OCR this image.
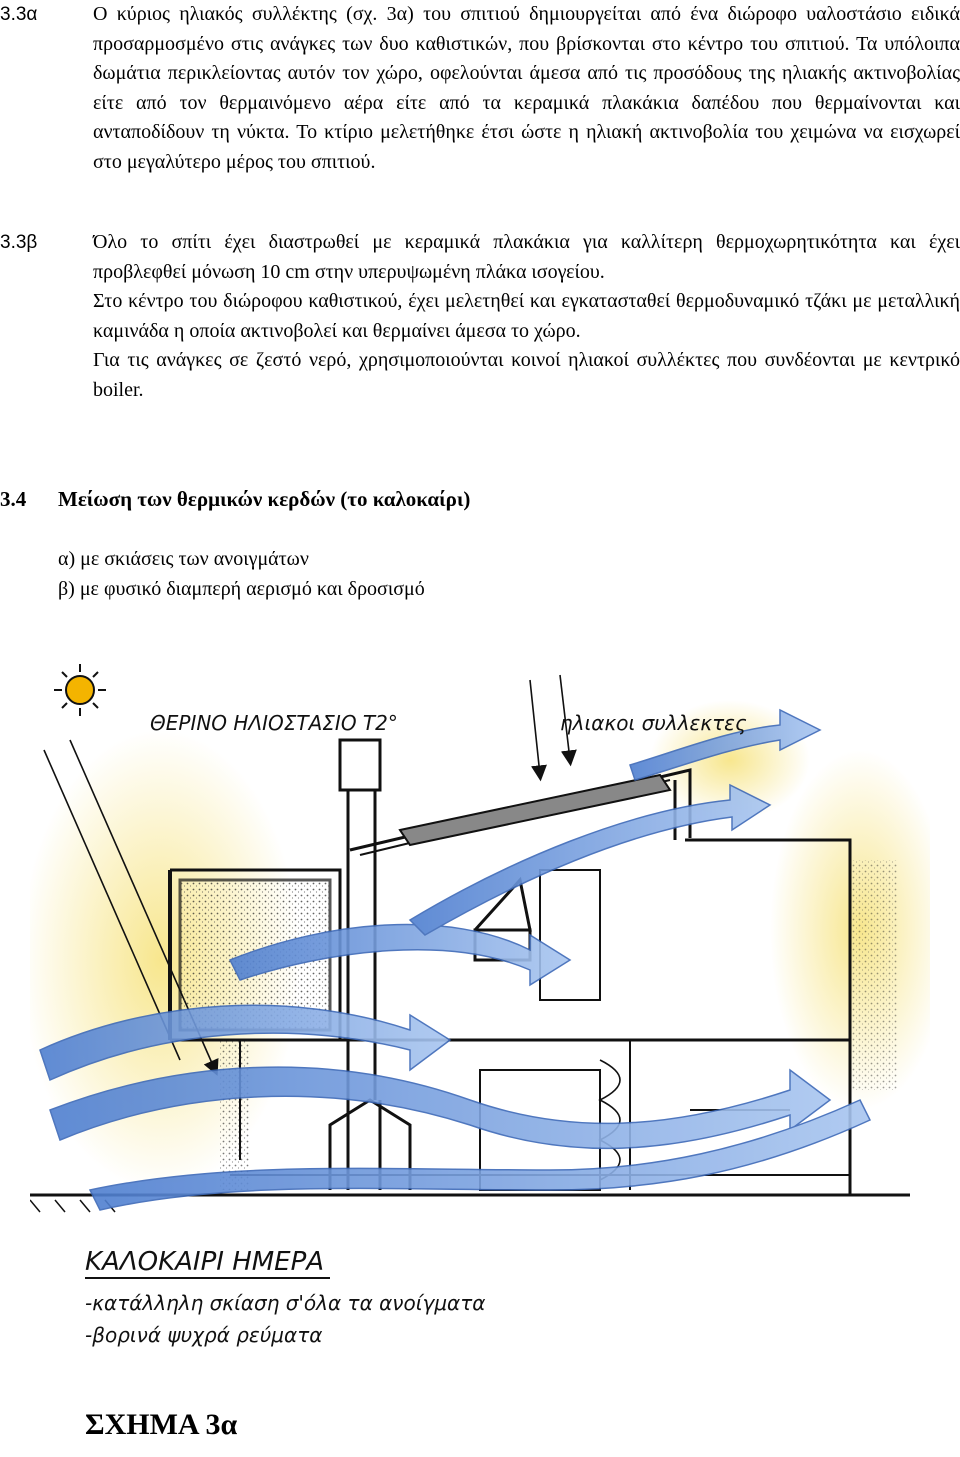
3.3α	Ο κύριος ηλιακός συλλέκτης (σχ. 3α) του σπιτιού δημιουργείται από ένα διώροφο υαλοστάσιο ειδικά προσαρμοσμένο στις ανάγκες των δυο καθιστικών, που βρίσκονται στο κέντρο του σπιτιού. Τα υπόλοιπα δωμάτια περικλείοντας αυτόν τον χώρο, οφελούνται άμεσα από τις προσόδους της ηλιακής ακτινοβολίας είτε από τον θερμαινόμενο αέρα είτε από τα κεραμικά πλακάκια δαπέδου που θερμαίνονται και ανταποδίδουν τη νύκτα. Το κτίριο μελετήθηκε έτσι ώστε η ηλιακή ακτινοβολία του χειμώνα να εισχωρεί στο μεγαλύτερο μέρος του σπιτιού.

3.3β	Όλο το σπίτι έχει διαστρωθεί με κεραμικά πλακάκια για καλλίτερη θερμοχωρητικότητα και έχει προβλεφθεί μόνωση 10 cm στην υπερυψωμένη πλάκα ισογείου.

Στο κέντρο του διώροφου καθιστικού, έχει μελετηθεί και εγκατασταθεί θερμοδυναμικό τζάκι με μεταλλική καμινάδα η οποία ακτινοβολεί και θερμαίνει άμεσα το χώρο.

Για τις ανάγκες σε ζεστό νερό, χρησιμοποιούνται κοινοί ηλιακοί συλλέκτες που συνδέονται με κεντρικό boiler.

3.4 Μείωση των θερμικών κερδών (το καλοκαίρι)
α) με σκιάσεις των ανοιγμάτων
β) με φυσικό διαμπερή αερισμό και δροσισμό
ΘΕΡΙΝΟ ΗΛΙΟΣΤΑΣΙΟ Τ2°	ηλιακοι συλλεκτες
ΚΑΛΟΚΑΙΡΙ ΗΜΕΡΑ
-κατάλληλη σκίαση σ'όλα τα ανοίγματα
-βορινά ψυχρά ρεύματα
ΣΧΗΜΑ 3α
